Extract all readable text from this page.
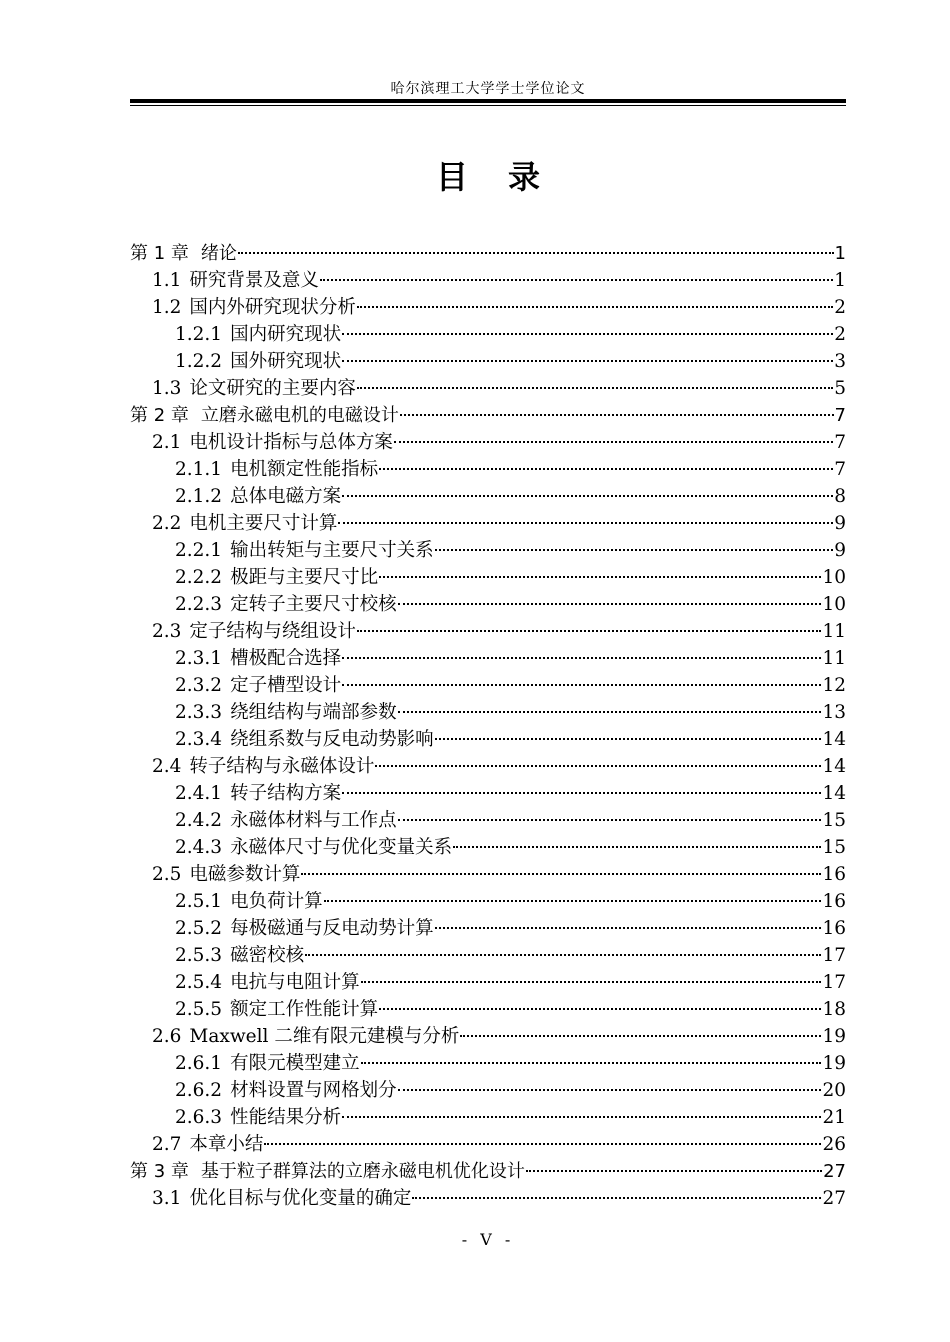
哈尔滨理工大学学士学位论文
目录
第 1 章 绪论	1
1.1 研究背景及意义	1
1.2 国内外研究现状分析	2
1.2.1 国内研究现状	2
1.2.2 国外研究现状	3
1.3 论文研究的主要内容	5
第 2 章 立磨永磁电机的电磁设计	7
2.1 电机设计指标与总体方案	7
2.1.1 电机额定性能指标	7
2.1.2 总体电磁方案	8
2.2 电机主要尺寸计算	9
2.2.1 输出转矩与主要尺寸关系	9
2.2.2 极距与主要尺寸比	10
2.2.3 定转子主要尺寸校核	10
2.3 定子结构与绕组设计	11
2.3.1 槽极配合选择	11
2.3.2 定子槽型设计	12
2.3.3 绕组结构与端部参数	13
2.3.4 绕组系数与反电动势影响	14
2.4 转子结构与永磁体设计	14
2.4.1 转子结构方案	14
2.4.2 永磁体材料与工作点	15
2.4.3 永磁体尺寸与优化变量关系	15
2.5 电磁参数计算	16
2.5.1 电负荷计算	16
2.5.2 每极磁通与反电动势计算	16
2.5.3 磁密校核	17
2.5.4 电抗与电阻计算	17
2.5.5 额定工作性能计算	18
2.6 Maxwell 二维有限元建模与分析	19
2.6.1 有限元模型建立	19
2.6.2 材料设置与网格划分	20
2.6.3 性能结果分析	21
2.7 本章小结	26
第 3 章 基于粒子群算法的立磨永磁电机优化设计	27
3.1 优化目标与优化变量的确定	27
- V -
